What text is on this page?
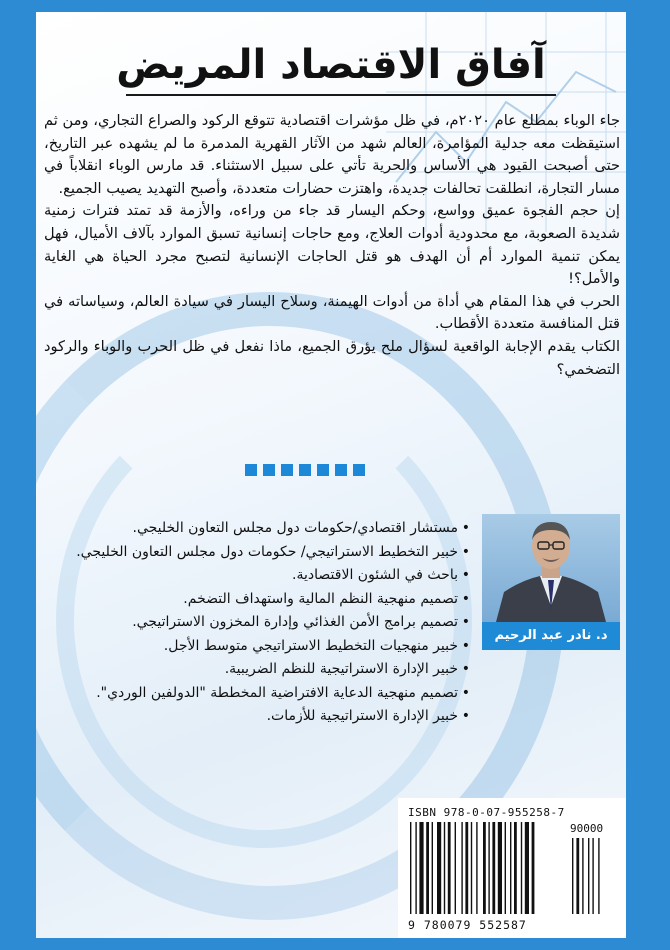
آفاق الاقتصاد المريض

جاء الوباء بمطلع عام ٢٠٢٠م، في ظل مؤشرات اقتصادية تتوقع الركود والصراع التجاري، ومن ثم استيقظت معه جدلية المؤامرة، العالم شهد من الآثار القهرية المدمرة ما لم يشهده عبر التاريخ، حتى أصبحت القيود هي الأساس والحرية تأتي على سبيل الاستثناء. قد مارس الوباء انقلاباً في مسار التجارة، انطلقت تحالفات جديدة، واهتزت حضارات متعددة، وأصبح التهديد يصيب الجميع.

إن حجم الفجوة عميق وواسع، وحكم اليسار قد جاء من وراءه، والأزمة قد تمتد فترات زمنية شديدة الصعوبة، مع محدودية أدوات العلاج، ومع حاجات إنسانية تسبق الموارد بآلاف الأميال، فهل يمكن تنمية الموارد أم أن الهدف هو قتل الحاجات الإنسانية لتصبح مجرد الحياة هي الغاية والأمل؟!

الحرب في هذا المقام هي أداة من أدوات الهيمنة، وسلاح اليسار في سيادة العالم، وسياساته في قتل المنافسة متعددة الأقطاب.

الكتاب يقدم الإجابة الواقعية لسؤال ملح يؤرق الجميع، ماذا نفعل في ظل الحرب والوباء والركود التضخمي؟

• مستشار اقتصادي/حكومات دول مجلس التعاون الخليجي.
• خبير التخطيط الاستراتيجي/ حكومات دول مجلس التعاون الخليجي.
• باحث في الشئون الاقتصادية.
• تصميم منهجية النظم المالية واستهداف التضخم.
• تصميم برامج الأمن الغذائي وإدارة المخزون الاستراتيجي.
• خبير منهجيات التخطيط الاستراتيجي متوسط الأجل.
• خبير الإدارة الاستراتيجية للنظم الضريبية.
• تصميم منهجية الدعاية الافتراضية المخططة "الدولفين الوردي".
• خبير الإدارة الاستراتيجية للأزمات.
د. نادر عبد الرحيم
ISBN 978-0-07-955258-7
90000
9 780079 552587
